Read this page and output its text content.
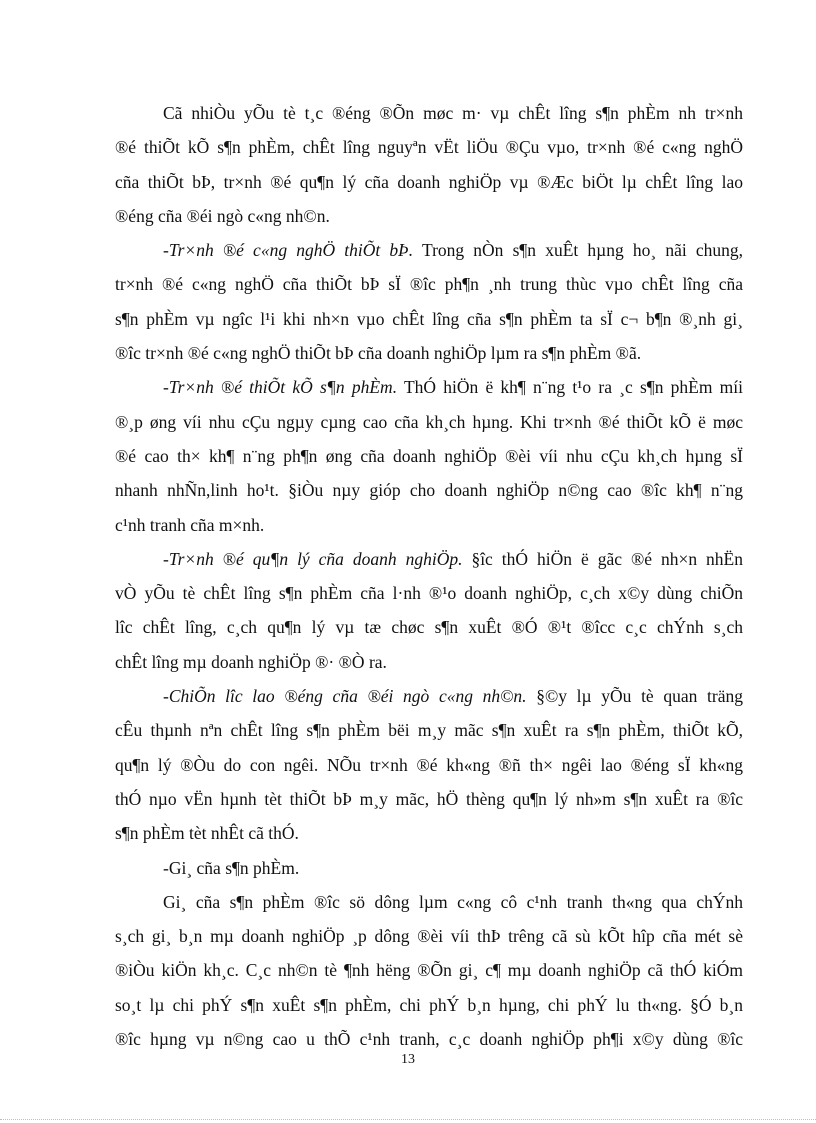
Cã nhiÒu yÕu tè t¸c ®éng ®Õn møc m· vµ chÊt lîng s¶n phÈm nh tr×nh
®é thiÕt kÕ s¶n phÈm, chÊt lîng nguyªn vËt liÖu ®Çu vµo, tr×nh ®é c«ng nghÖ
cña thiÕt bÞ, tr×nh ®é qu¶n lý cña doanh nghiÖp vµ ®Æc biÖt lµ chÊt lîng lao
®éng cña ®éi ngò c«ng nh©n.
-Tr×nh ®é c«ng nghÖ thiÕt bÞ. Trong nÒn s¶n xuÊt hµng ho¸ nãi chung,
tr×nh ®é c«ng nghÖ cña thiÕt bÞ sÏ ®îc ph¶n ¸nh trung thùc vµo chÊt lîng cña
s¶n phÈm vµ ngîc l¹i khi nh×n vµo chÊt lîng cña s¶n phÈm ta sÏ c¬ b¶n ®¸nh gi¸
®îc tr×nh ®é c«ng nghÖ thiÕt bÞ cña doanh nghiÖp lµm ra s¶n phÈm ®ã.
-Tr×nh ®é thiÕt kÕ s¶n phÈm. ThÓ hiÖn ë kh¶ n¨ng t¹o ra ¸c s¶n phÈm míi
®¸p øng víi nhu cÇu ngµy cµng cao cña kh¸ch hµng. Khi tr×nh ®é thiÕt kÕ ë møc
®é cao th× kh¶ n¨ng ph¶n øng cña doanh nghiÖp ®èi víi nhu cÇu kh¸ch hµng sÏ
nhanh nhÑn,linh ho¹t. §iÒu nµy gióp cho doanh nghiÖp n©ng cao ®îc kh¶ n¨ng
c¹nh tranh cña m×nh.
-Tr×nh ®é qu¶n lý cña doanh nghiÖp. §îc thÓ hiÖn ë gãc ®é nh×n nhËn
vÒ yÕu tè chÊt lîng s¶n phÈm cña l·nh ®¹o doanh nghiÖp, c¸ch x©y dùng chiÕn
lîc chÊt lîng, c¸ch qu¶n lý vµ tæ chøc s¶n xuÊt ®Ó ®¹t ®îcc c¸c chÝnh s¸ch
chÊt lîng mµ doanh nghiÖp ®· ®Ò ra.
-ChiÕn lîc lao ®éng cña ®éi ngò c«ng nh©n. §©y lµ yÕu tè quan träng
cÊu thµnh nªn chÊt lîng s¶n phÈm bëi m¸y mãc s¶n xuÊt ra s¶n phÈm, thiÕt kÕ,
qu¶n lý ®Òu do con ngêi. NÕu tr×nh ®é kh«ng ®ñ th× ngêi lao ®éng sÏ kh«ng
thÓ nµo vËn hµnh tèt thiÕt bÞ m¸y mãc, hÖ thèng qu¶n lý nh»m s¶n xuÊt ra ®îc
s¶n phÈm tèt nhÊt cã thÓ.
-Gi¸ cña s¶n phÈm.
Gi¸ cña s¶n phÈm ®îc sö dông lµm c«ng cô c¹nh tranh th«ng qua chÝnh
s¸ch gi¸ b¸n mµ doanh nghiÖp ¸p dông ®èi víi thÞ trêng cã sù kÕt hîp cña mét sè
®iÒu kiÖn kh¸c. C¸c nh©n tè ¶nh hëng ®Õn gi¸ c¶ mµ doanh nghiÖp cã thÓ kiÓm
so¸t lµ chi phÝ s¶n xuÊt s¶n phÈm, chi phÝ b¸n hµng, chi phÝ lu th«ng. §Ó b¸n
®îc hµng vµ n©ng cao u thÕ c¹nh tranh, c¸c doanh nghiÖp ph¶i x©y dùng ®îc
13
